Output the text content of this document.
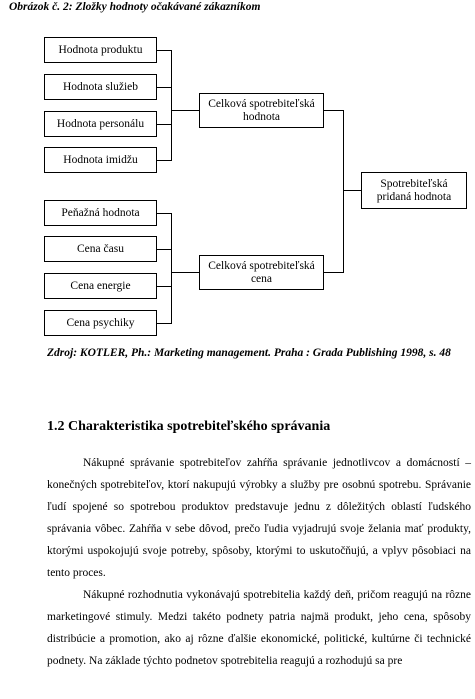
Obrázok č. 2: Zložky hodnoty očakávané zákazníkom
Hodnota produktu
Hodnota služieb
Hodnota personálu
Hodnota imidžu
Peňažná hodnota
Cena času
Cena energie
Cena psychiky
Celková spotrebiteľská hodnota
Celková spotrebiteľská cena
Spotrebiteľská pridaná hodnota
Zdroj: KOTLER, Ph.: Marketing management. Praha : Grada Publishing 1998, s. 48
1.2 Charakteristika spotrebiteľského správania

Nákupné správanie spotrebiteľov zahŕňa správanie jednotlivcov a domácností – konečných spotrebiteľov, ktorí nakupujú výrobky a služby pre osobnú spotrebu. Správanie ľudí spojené so spotrebou produktov predstavuje jednu z dôležitých oblastí ľudského správania vôbec. Zahŕňa v sebe dôvod, prečo ľudia vyjadrujú svoje želania mať produkty, ktorými uspokojujú svoje potreby, spôsoby, ktorými to uskutočňujú, a vplyv pôsobiaci na tento proces.

Nákupné rozhodnutia vykonávajú spotrebitelia každý deň, pričom reagujú na rôzne marketingové stimuly. Medzi takéto podnety patria najmä produkt, jeho cena, spôsoby distribúcie a promotion, ako aj rôzne ďalšie ekonomické, politické, kultúrne či technické podnety. Na základe týchto podnetov spotrebitelia reagujú a rozhodujú sa pre
